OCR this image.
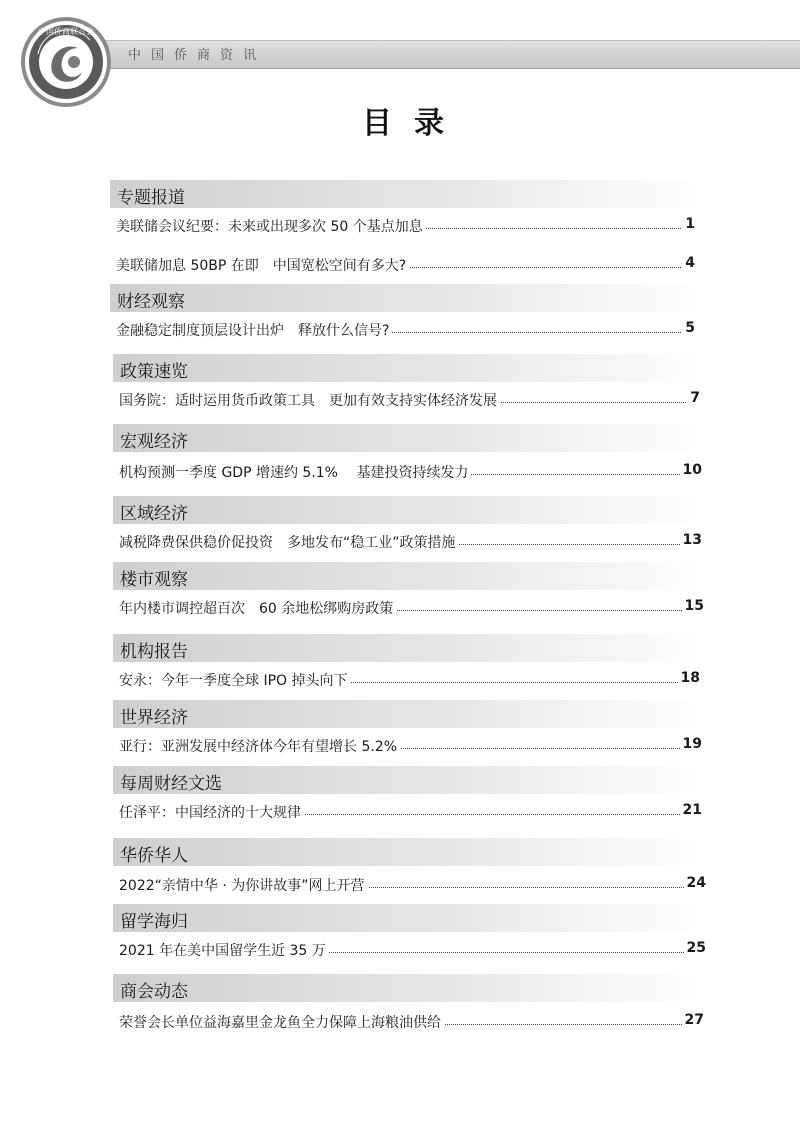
中国侨商资讯
中国侨商联合会
目录
专题报道
美联储会议纪要：未来或出现多次 50 个基点加息	1
美联储加息 50BP 在即　中国宽松空间有多大?	4
财经观察
金融稳定制度顶层设计出炉　释放什么信号?	5
政策速览
国务院：适时运用货币政策工具　更加有效支持实体经济发展	7
宏观经济
机构预测一季度 GDP 增速约 5.1%　 基建投资持续发力	10
区域经济
减税降费保供稳价促投资　多地发布“稳工业”政策措施	13
楼市观察
年内楼市调控超百次　60 余地松绑购房政策	15
机构报告
安永：今年一季度全球 IPO 掉头向下	18
世界经济
亚行：亚洲发展中经济体今年有望增长 5.2%	19
每周财经文选
任泽平：中国经济的十大规律	21
华侨华人
2022“亲情中华 · 为你讲故事”网上开营	24
留学海归
2021 年在美中国留学生近 35 万	25
商会动态
荣誉会长单位益海嘉里金龙鱼全力保障上海粮油供给	27
